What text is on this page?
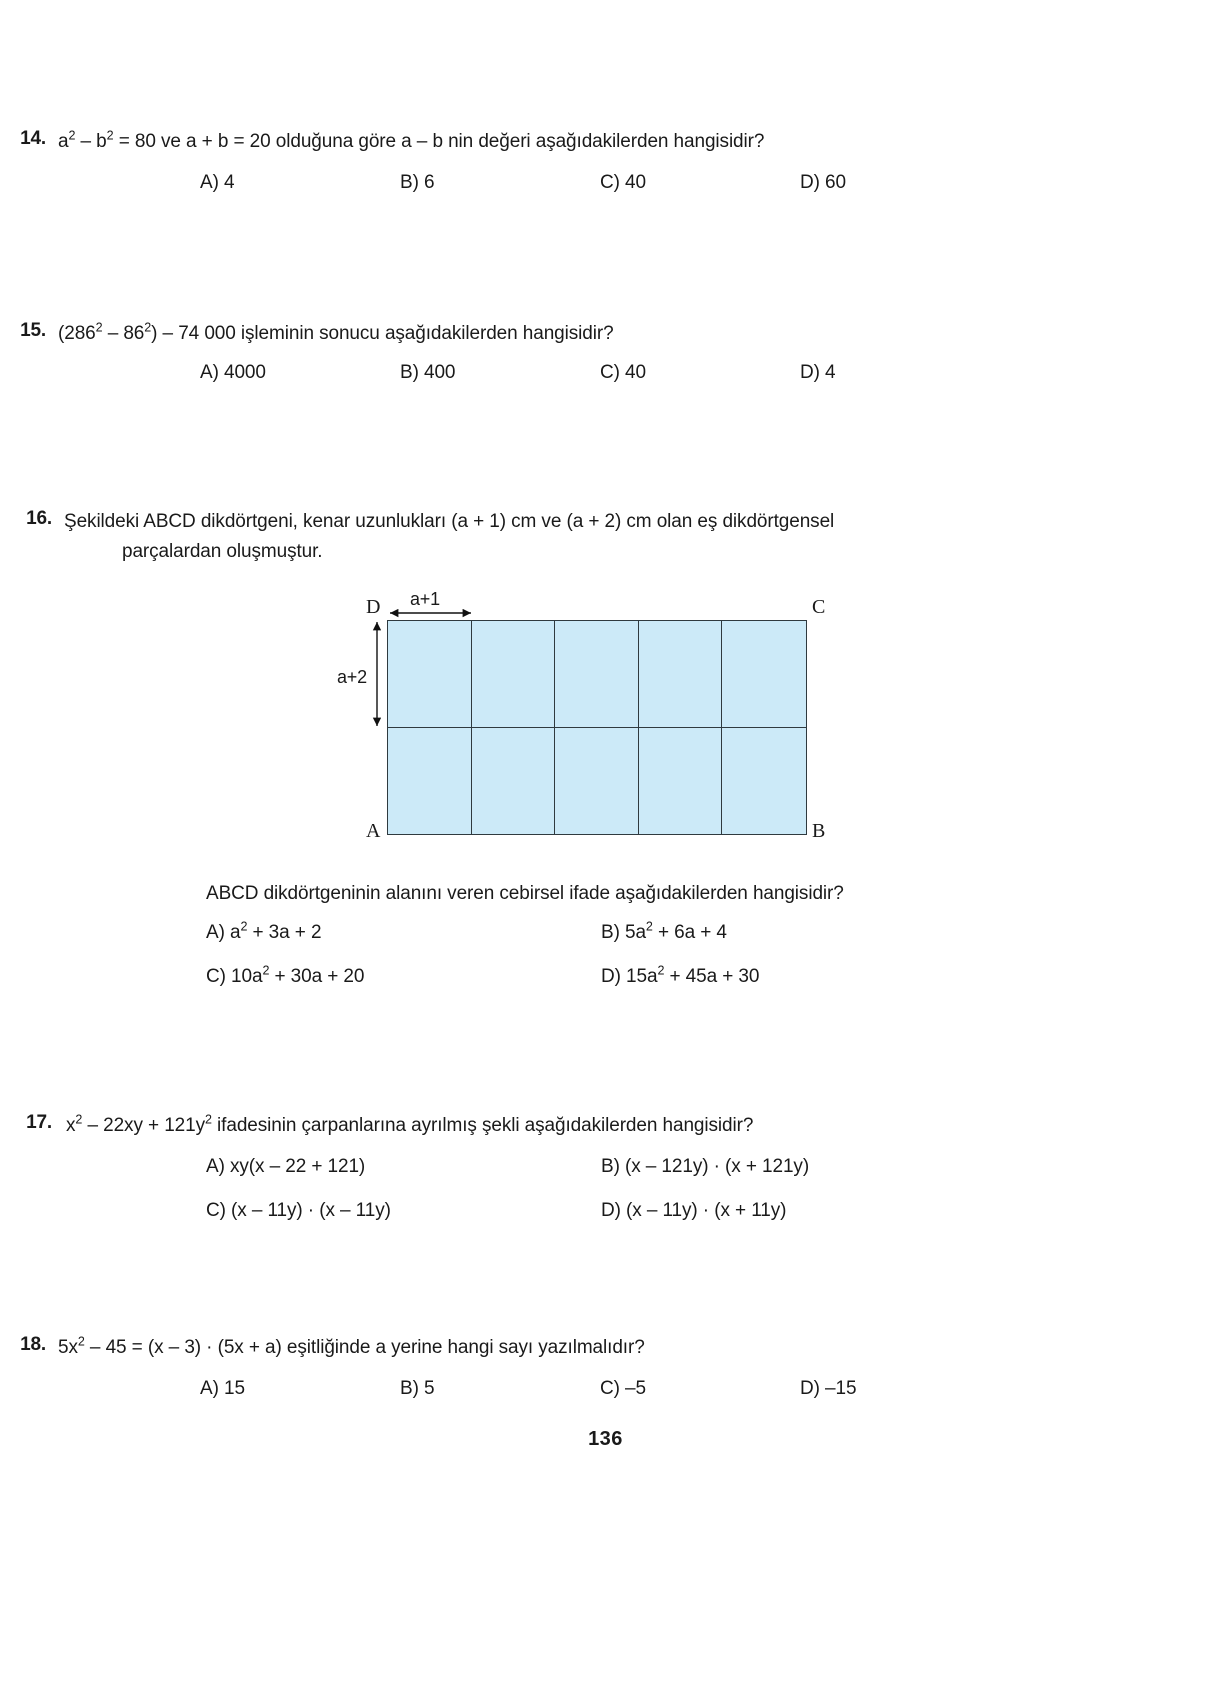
14. $a^2 - b^2 = 80$ ve a + b = 20 olduğuna göre a – b nin değeri aşağıdakilerden hangisidir?
A) 4	B) 6	C) 40	D) 60
15. $(286^2 - 86^2) - 74$ 000 işleminin sonucu aşağıdakilerden hangisidir?
A) 4000	B) 400	C) 40	D) 4
16. Şekildeki ABCD dikdörtgeni, kenar uzunlukları (a + 1) cm ve (a + 2) cm olan eş dikdörtgensel
parçalardan oluşmuştur.
a+1
a+2
D	C
A	B
ABCD dikdörtgeninin alanını veren cebirsel ifade aşağıdakilerden hangisidir?
A) $a^2 + 3a + 2$	B) $5a^2 + 6a + 4$
C) $10a^2 + 30a + 20$	D) $15a^2 + 45a + 30$
17. $x^2 - 22xy + 121y^2$ ifadesinin çarpanlarına ayrılmış şekli aşağıdakilerden hangisidir?
A) xy(x – 22 + 121)	B) (x – 121y) · (x + 121y)
C) (x – 11y) · (x – 11y)	D) (x – 11y) · (x + 11y)
18. $5x^2 - 45 = (x - 3) \cdot (5x + a)$ eşitliğinde a yerine hangi sayı yazılmalıdır?
A) 15	B) 5	C) –5	D) –15
136
